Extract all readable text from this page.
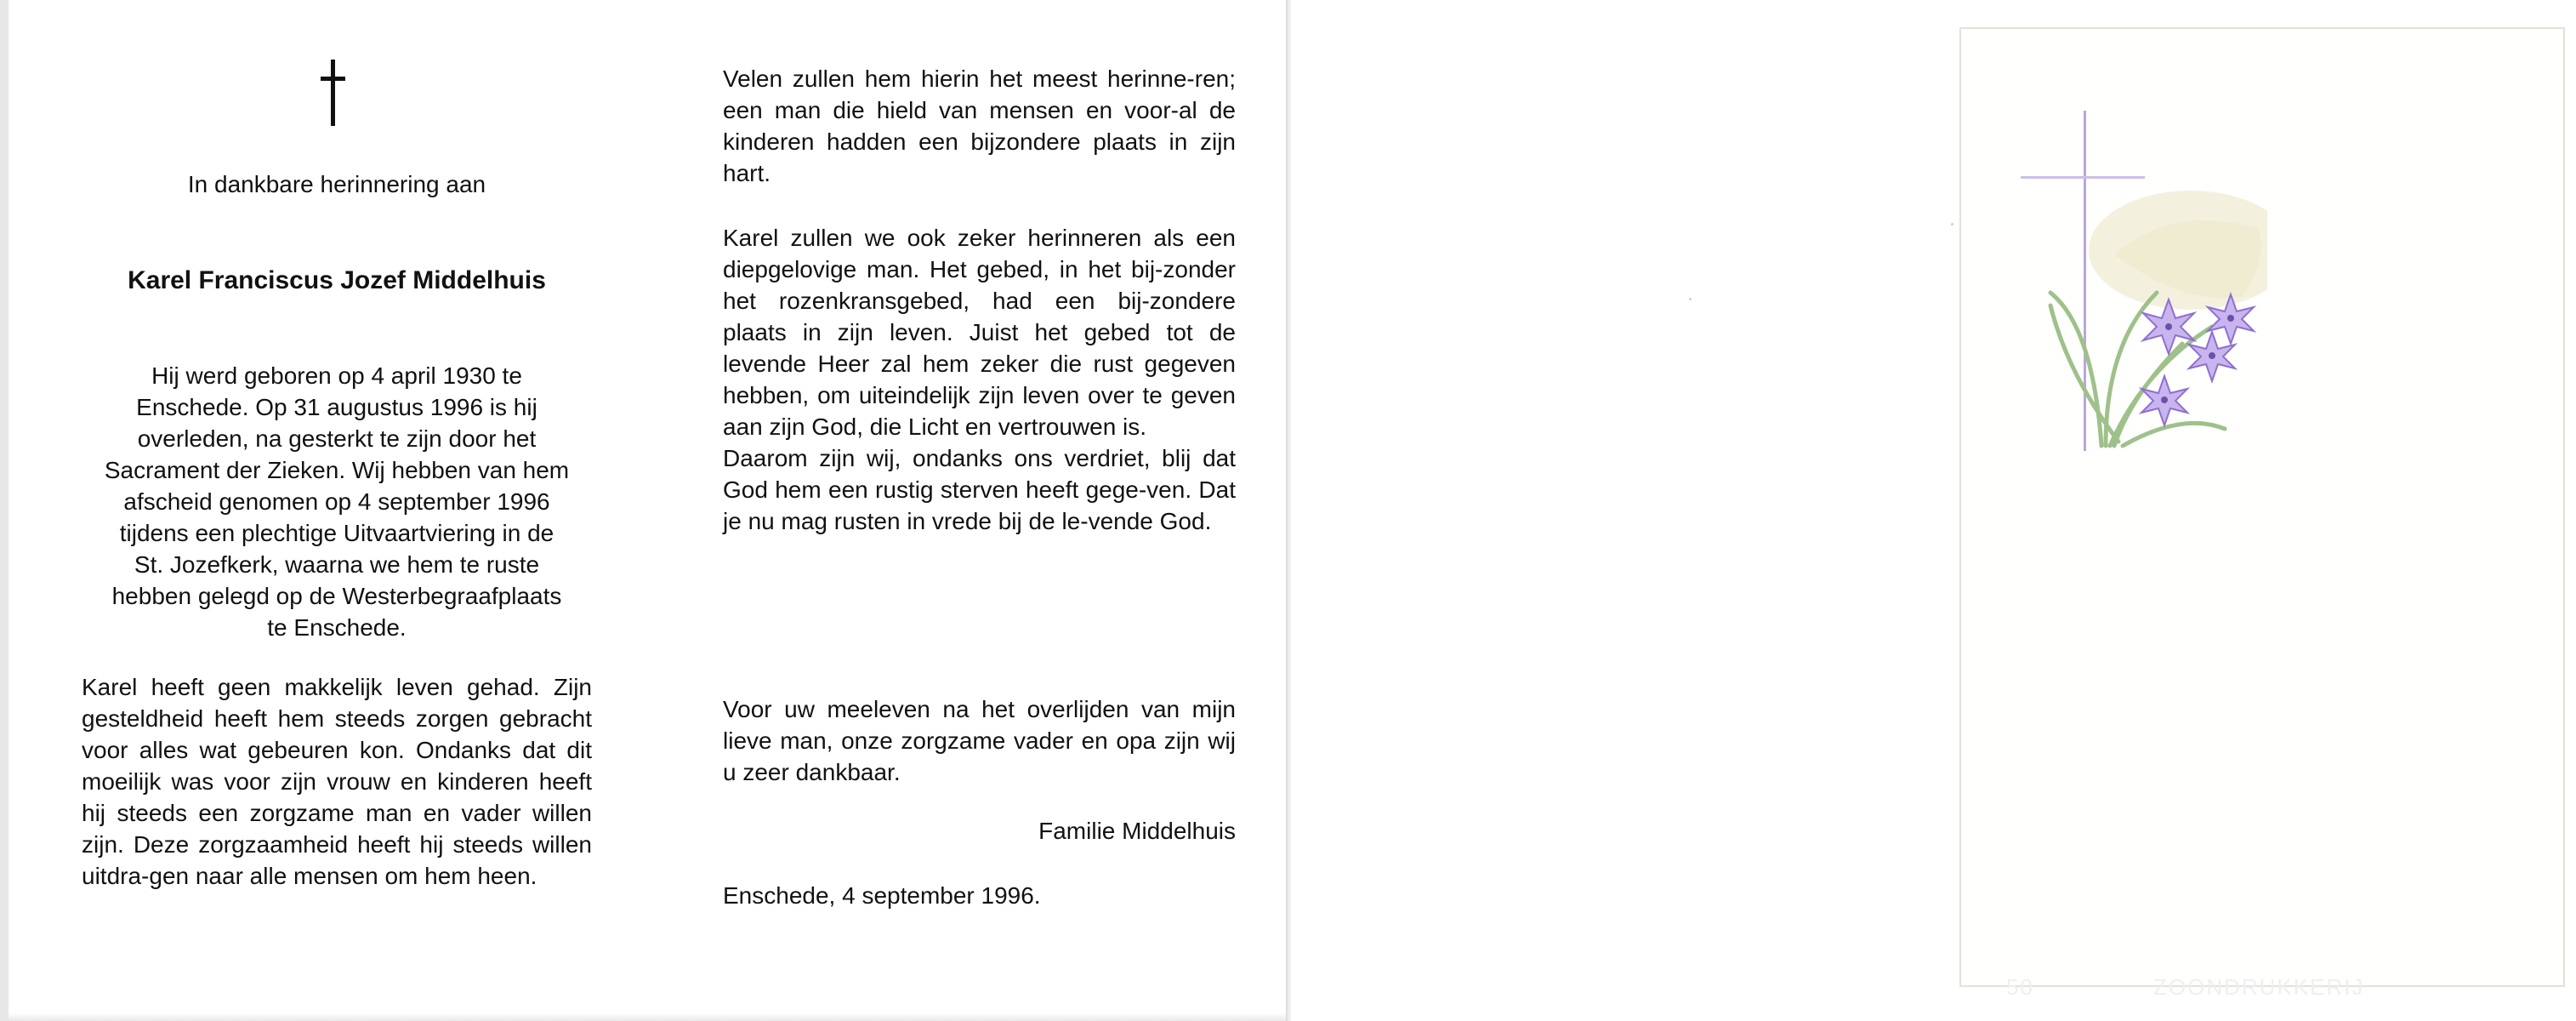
In dankbare herinnering aan
Karel Franciscus Jozef Middelhuis
Hij werd geboren op 4 april 1930 te
Enschede. Op 31 augustus 1996 is hij
overleden, na gesterkt te zijn door het
Sacrament der Zieken. Wij hebben van hem
afscheid genomen op 4 september 1996
tijdens een plechtige Uitvaartviering in de
St. Jozefkerk, waarna we hem te ruste
hebben gelegd op de Westerbegraafplaats
te Enschede.
Karel heeft geen makkelijk leven gehad. Zijn gesteldheid heeft hem steeds zorgen gebracht voor alles wat gebeuren kon. Ondanks dat dit moeilijk was voor zijn vrouw en kinderen heeft hij steeds een zorgzame man en vader willen zijn. Deze zorgzaamheid heeft hij steeds willen uitdra-gen naar alle mensen om hem heen.
Velen zullen hem hierin het meest herinne-ren; een man die hield van mensen en voor-al de kinderen hadden een bijzondere plaats in zijn hart.
Karel zullen we ook zeker herinneren als een diepgelovige man. Het gebed, in het bij-zonder het rozenkransgebed, had een bij-zondere plaats in zijn leven. Juist het gebed tot de levende Heer zal hem zeker die rust gegeven hebben, om uiteindelijk zijn leven over te geven aan zijn God, die Licht en vertrouwen is.
Daarom zijn wij, ondanks ons verdriet, blij dat God hem een rustig sterven heeft gege-ven. Dat je nu mag rusten in vrede bij de le-vende God.
Voor uw meeleven na het overlijden van mijn lieve man, onze zorgzame vader en opa zijn wij u zeer dankbaar.
Familie Middelhuis
Enschede, 4 september 1996.
50	ZOONDRUKKERIJ
